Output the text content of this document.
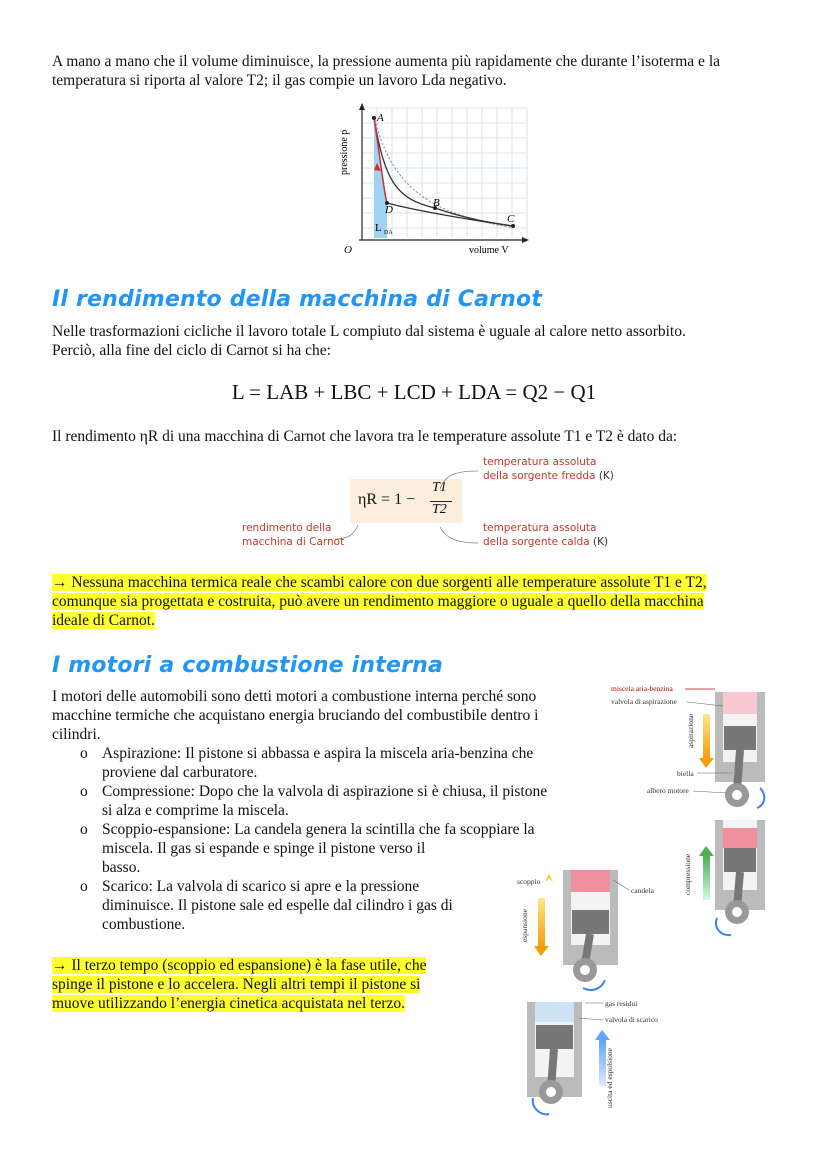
A mano a mano che il volume diminuisce, la pressione aumenta più rapidamente che durante l’isoterma e la
temperatura si riporta al valore T2; il gas compie un lavoro Lda negativo.
A
B
C
D
L DA
pressione p
volume V
O
Il rendimento della macchina di Carnot
Nelle trasformazioni cicliche il lavoro totale L compiuto dal sistema è uguale al calore netto assorbito.
Perciò, alla fine del ciclo di Carnot si ha che:
L = LAB + LBC + LCD + LDA = Q2 − Q1
Il rendimento ηR di una macchina di Carnot che lavora tra le temperature assolute T1 e T2 è dato da:
ηR = 1 −
T1
T2
temperatura assoluta
della sorgente fredda (K)
temperatura assoluta
della sorgente calda (K)
rendimento della
macchina di Carnot
→ Nessuna macchina termica reale che scambi calore con due sorgenti alle temperature assolute T1 e T2,
comunque sia progettata e costruita, può avere un rendimento maggiore o uguale a quello della macchina
ideale di Carnot.
I motori a combustione interna
I motori delle automobili sono detti motori a combustione interna perché sono
macchine termiche che acquistano energia bruciando del combustibile dentro i
cilindri.
o Aspirazione: Il pistone si abbassa e aspira la miscela aria-benzina che
proviene dal carburatore.
o Compressione: Dopo che la valvola di aspirazione si è chiusa, il pistone
si alza e comprime la miscela.
o Scoppio-espansione: La candela genera la scintilla che fa scoppiare la
miscela. Il gas si espande e spinge il pistone verso il
basso.
o Scarico: La valvola di scarico si apre e la pressione
diminuisce. Il pistone sale ed espelle dal cilindro i gas di
combustione.
→ Il terzo tempo (scoppio ed espansione) è la fase utile, che
spinge il pistone e lo accelera. Negli altri tempi il pistone si
muove utilizzando l’energia cinetica acquistata nel terzo.
miscela aria-benzina
valvola di aspirazione
aspirazione
biella
albero motore
compressione
scoppio
candela
espansione
gas residui
valvola di scarico
uscita ed espulsione
